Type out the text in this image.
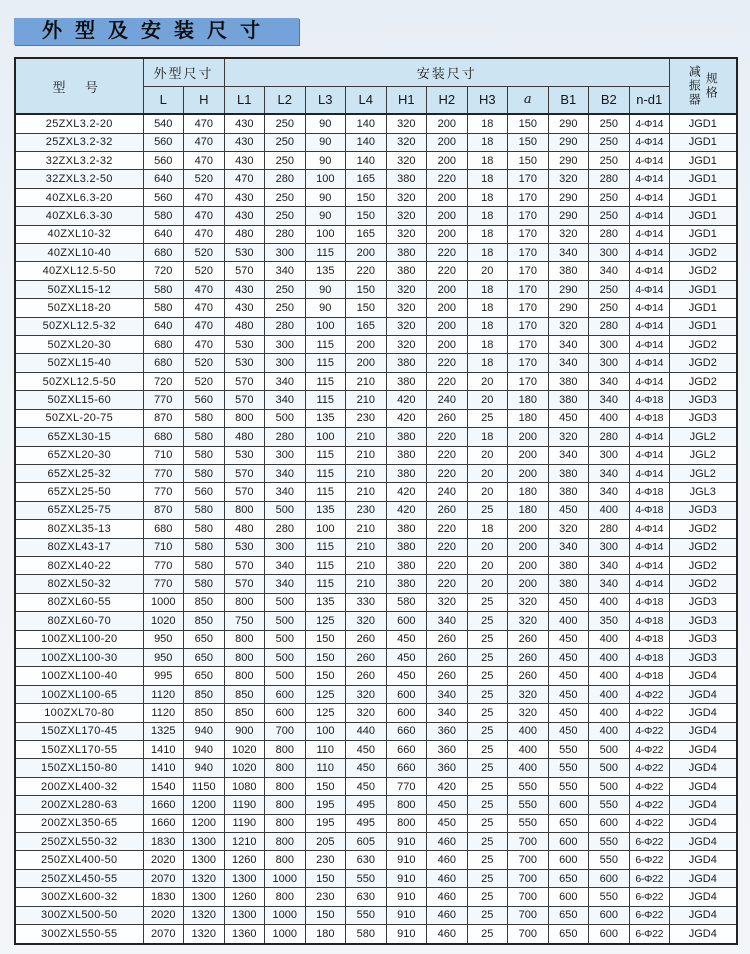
外型及安装尺寸
型 号	外型尺寸		安装尺寸											减振器 规格

	L	H	L1	L2	L3	L4	H1	H2	H3	a	B1	B2	n-d1	
25ZXL3.2-20	540	470	430	250	90	140	320	200	18	150	290	250	4-Φ14	JGD1
25ZXL3.2-32	560	470	430	250	90	140	320	200	18	150	290	250	4-Φ14	JGD1
32ZXL3.2-32	560	470	430	250	90	140	320	200	18	150	290	250	4-Φ14	JGD1
32ZXL3.2-50	640	520	470	280	100	165	380	220	18	170	320	280	4-Φ14	JGD1
40ZXL6.3-20	560	470	430	250	90	150	320	200	18	170	290	250	4-Φ14	JGD1
40ZXL6.3-30	580	470	430	250	90	150	320	200	18	170	290	250	4-Φ14	JGD1
40ZXL10-32	640	470	480	280	100	165	320	200	18	170	320	280	4-Φ14	JGD1
40ZXL10-40	680	520	530	300	115	200	380	220	18	170	340	300	4-Φ14	JGD2
40ZXL12.5-50	720	520	570	340	135	220	380	220	20	170	380	340	4-Φ14	JGD2
50ZXL15-12	580	470	430	250	90	150	320	200	18	170	290	250	4-Φ14	JGD1
50ZXL18-20	580	470	430	250	90	150	320	200	18	170	290	250	4-Φ14	JGD1
50ZXL12.5-32	640	470	480	280	100	165	320	200	18	170	320	280	4-Φ14	JGD1
50ZXL20-30	680	470	530	300	115	200	320	200	18	170	340	300	4-Φ14	JGD2
50ZXL15-40	680	520	530	300	115	200	380	220	18	170	340	300	4-Φ14	JGD2
50ZXL12.5-50	720	520	570	340	115	210	380	220	20	170	380	340	4-Φ14	JGD2
50ZXL15-60	770	560	570	340	115	210	420	240	20	180	380	340	4-Φ18	JGD3
50ZXL-20-75	870	580	800	500	135	230	420	260	25	180	450	400	4-Φ18	JGD3
65ZXL30-15	680	580	480	280	100	210	380	220	18	200	320	280	4-Φ14	JGL2
65ZXL20-30	710	580	530	300	115	210	380	220	20	200	340	300	4-Φ14	JGL2
65ZXL25-32	770	580	570	340	115	210	380	220	20	200	380	340	4-Φ14	JGL2
65ZXL25-50	770	560	570	340	115	210	420	240	20	180	380	340	4-Φ18	JGL3
65ZXL25-75	870	580	800	500	135	230	420	260	25	180	450	400	4-Φ18	JGD3
80ZXL35-13	680	580	480	280	100	210	380	220	18	200	320	280	4-Φ14	JGD2
80ZXL43-17	710	580	530	300	115	210	380	220	20	200	340	300	4-Φ14	JGD2
80ZXL40-22	770	580	570	340	115	210	380	220	20	200	380	340	4-Φ14	JGD2
80ZXL50-32	770	580	570	340	115	210	380	220	20	200	380	340	4-Φ14	JGD2
80ZXL60-55	1000	850	800	500	135	330	580	320	25	320	450	400	4-Φ18	JGD3
80ZXL60-70	1020	850	750	500	125	320	600	340	25	320	400	350	4-Φ18	JGD3
100ZXL100-20	950	650	800	500	150	260	450	260	25	260	450	400	4-Φ18	JGD3
100ZXL100-30	950	650	800	500	150	260	450	260	25	260	450	400	4-Φ18	JGD3
100ZXL100-40	995	650	800	500	150	260	450	260	25	260	450	400	4-Φ18	JGD4
100ZXL100-65	1120	850	850	600	125	320	600	340	25	320	450	400	4-Φ22	JGD4
100ZXL70-80	1120	850	850	600	125	320	600	340	25	320	450	400	4-Φ22	JGD4
150ZXL170-45	1325	940	900	700	100	440	660	360	25	400	450	400	4-Φ22	JGD4
150ZXL170-55	1410	940	1020	800	110	450	660	360	25	400	550	500	4-Φ22	JGD4
150ZXL150-80	1410	940	1020	800	110	450	660	360	25	400	550	500	4-Φ22	JGD4
200ZXL400-32	1540	1150	1080	800	150	450	770	420	25	550	550	500	4-Φ22	JGD4
200ZXL280-63	1660	1200	1190	800	195	495	800	450	25	550	600	550	4-Φ22	JGD4
200ZXL350-65	1660	1200	1190	800	195	495	800	450	25	550	650	600	4-Φ22	JGD4
250ZXL550-32	1830	1300	1210	800	205	605	910	460	25	700	600	550	6-Φ22	JGD4
250ZXL400-50	2020	1300	1260	800	230	630	910	460	25	700	600	550	6-Φ22	JGD4
250ZXL450-55	2070	1320	1300	1000	150	550	910	460	25	700	650	600	6-Φ22	JGD4
300ZXL600-32	1830	1300	1260	800	230	630	910	460	25	700	600	550	6-Φ22	JGD4
300ZXL500-50	2020	1320	1300	1000	150	550	910	460	25	700	650	600	6-Φ22	JGD4
300ZXL550-55	2070	1320	1360	1000	180	580	910	460	25	700	650	600	6-Φ22	JGD4
